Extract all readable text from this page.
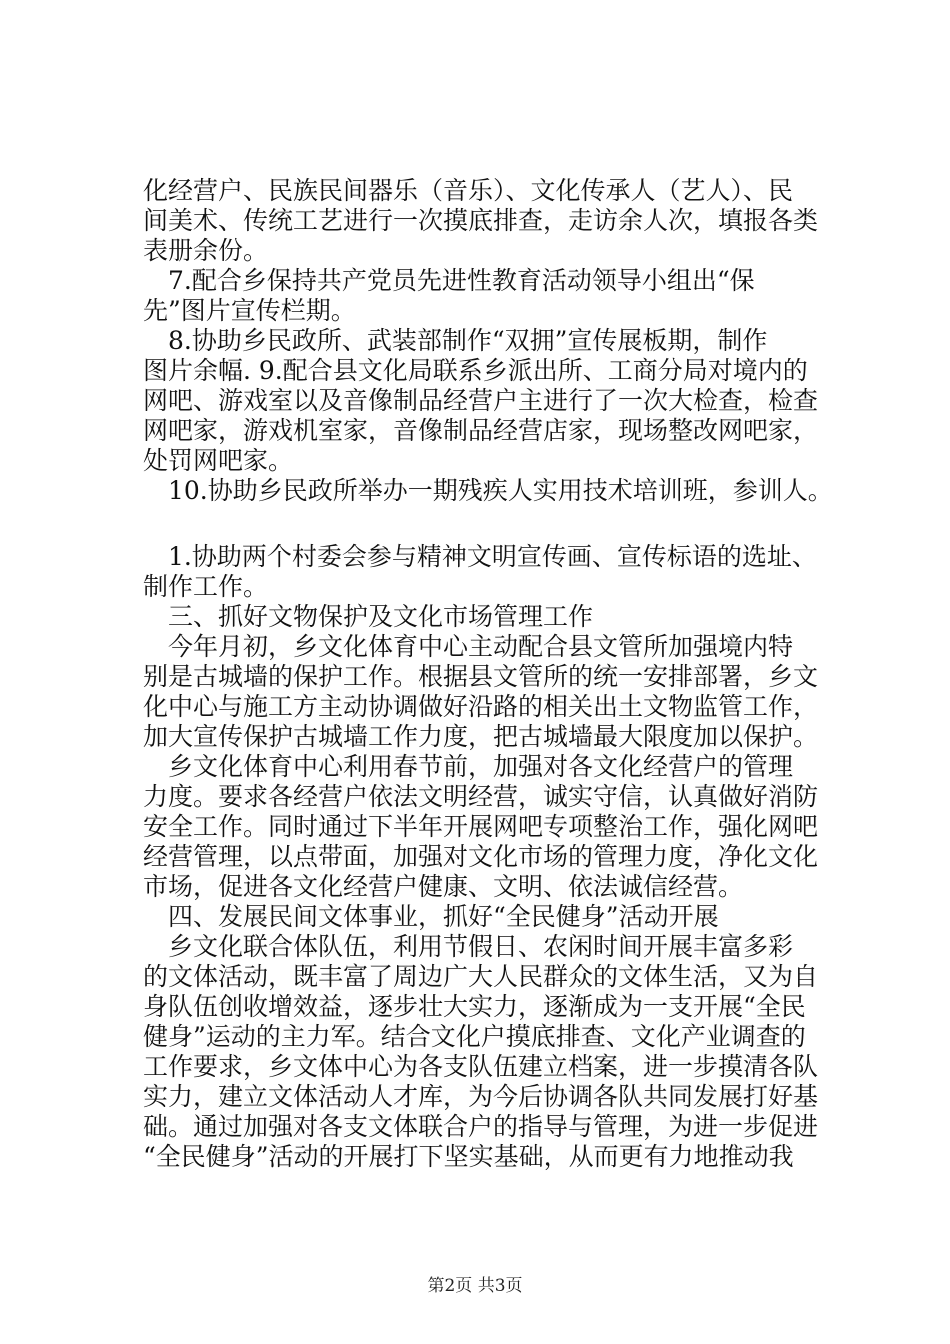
化经营户、民族民间器乐（音乐）、文化传承人（艺人）、民
间美术、传统工艺进行一次摸底排查，走访余人次，填报各类
表册余份。
　7.配合乡保持共产党员先进性教育活动领导小组出“保
先”图片宣传栏期。
　8.协助乡民政所、武装部制作“双拥”宣传展板期，制作
图片余幅. 9.配合县文化局联系乡派出所、工商分局对境内的
网吧、游戏室以及音像制品经营户主进行了一次大检查，检查
网吧家，游戏机室家，音像制品经营店家，现场整改网吧家，
处罚网吧家。
　10.协助乡民政所举办一期残疾人实用技术培训班，参训人。
　1.协助两个村委会参与精神文明宣传画、宣传标语的选址、
制作工作。
　三、抓好文物保护及文化市场管理工作
　今年月初，乡文化体育中心主动配合县文管所加强境内特
别是古城墙的保护工作。根据县文管所的统一安排部署，乡文
化中心与施工方主动协调做好沿路的相关出土文物监管工作，
加大宣传保护古城墙工作力度，把古城墙最大限度加以保护。
　乡文化体育中心利用春节前，加强对各文化经营户的管理
力度。要求各经营户依法文明经营，诚实守信，认真做好消防
安全工作。同时通过下半年开展网吧专项整治工作，强化网吧
经营管理，以点带面，加强对文化市场的管理力度，净化文化
市场，促进各文化经营户健康、文明、依法诚信经营。
　四、发展民间文体事业，抓好“全民健身”活动开展
　乡文化联合体队伍，利用节假日、农闲时间开展丰富多彩
的文体活动，既丰富了周边广大人民群众的文体生活，又为自
身队伍创收增效益，逐步壮大实力，逐渐成为一支开展“全民
健身”运动的主力军。结合文化户摸底排查、文化产业调查的
工作要求，乡文体中心为各支队伍建立档案，进一步摸清各队
实力，建立文体活动人才库，为今后协调各队共同发展打好基
础。通过加强对各支文体联合户的指导与管理，为进一步促进
“全民健身”活动的开展打下坚实基础，从而更有力地推动我
第2页 共3页
